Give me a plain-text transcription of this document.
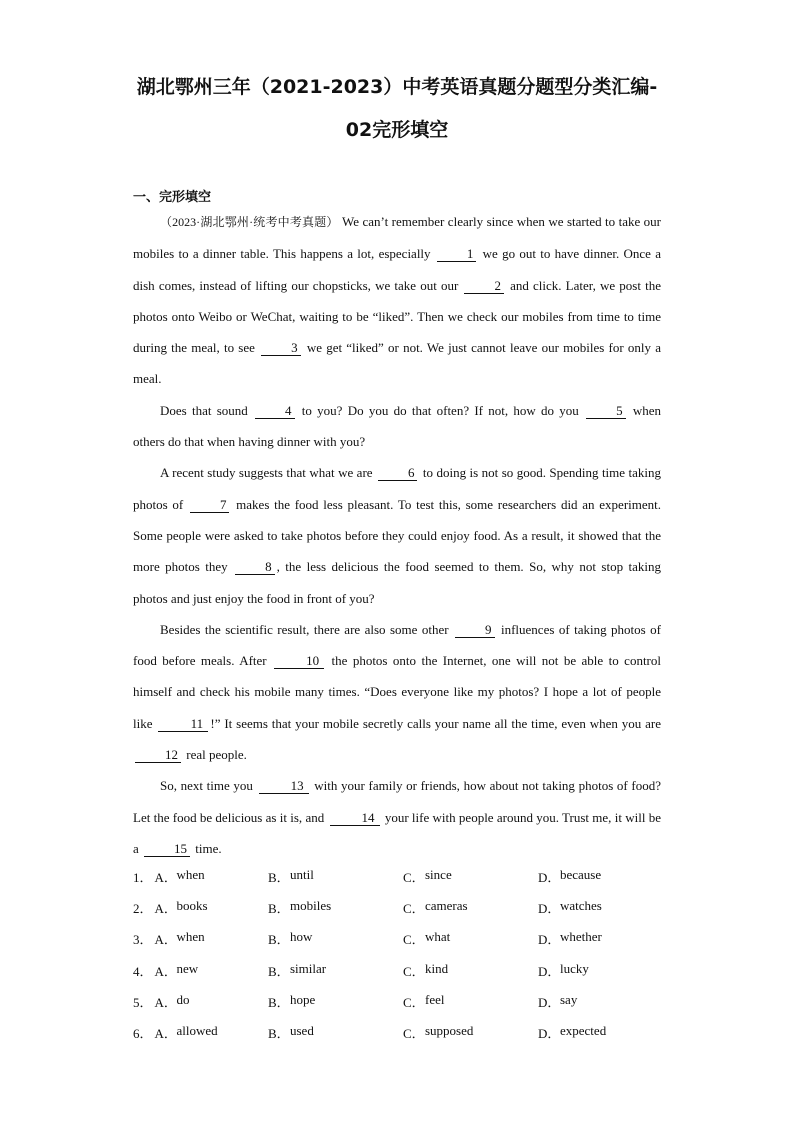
湖北鄂州三年（2021-2023）中考英语真题分题型分类汇编-
02完形填空
一、完形填空

（2023·湖北鄂州·统考中考真题） We can’t remember clearly since when we started to take our mobiles to a dinner table. This happens a lot, especially 1 we go out to have dinner. Once a dish comes, instead of lifting our chopsticks, we take out our 2 and click. Later, we post the photos onto Weibo or WeChat, waiting to be “liked”. Then we check our mobiles from time to time during the meal, to see 3 we get “liked” or not. We just cannot leave our mobiles for only a meal.

Does that sound 4 to you? Do you do that often? If not, how do you 5 when others do that when having dinner with you?

A recent study suggests that what we are 6 to doing is not so good. Spending time taking photos of 7 makes the food less pleasant. To test this, some researchers did an experiment. Some people were asked to take photos before they could enjoy food. As a result, it showed that the more photos they 8 , the less delicious the food seemed to them. So, why not stop taking photos and just enjoy the food in front of you?

Besides the scientific result, there are also some other 9 influences of taking photos of food before meals. After	10 the photos onto the Internet, one will not be able to control himself and check his mobile many times. “Does everyone like my photos? I hope a lot of people like	11 !” It seems that your mobile secretly calls your name all the time, even when you are 12 real people.

So, next time you	13 with your family or friends, how about not taking photos of food? Let the food be delicious as it is, and	14 your life with people around you. Trust me, it will be a 15 time.

1． A． when	B． until	C． since	D． because
2． A． books	B． mobiles	C． cameras	D． watches
3． A． when	B． how	C． what	D． whether
4． A． new	B． similar	C． kind	D． lucky
5． A． do	B． hope	C． feel	D． say
6． A． allowed	B． used	C． supposed	D． expected
